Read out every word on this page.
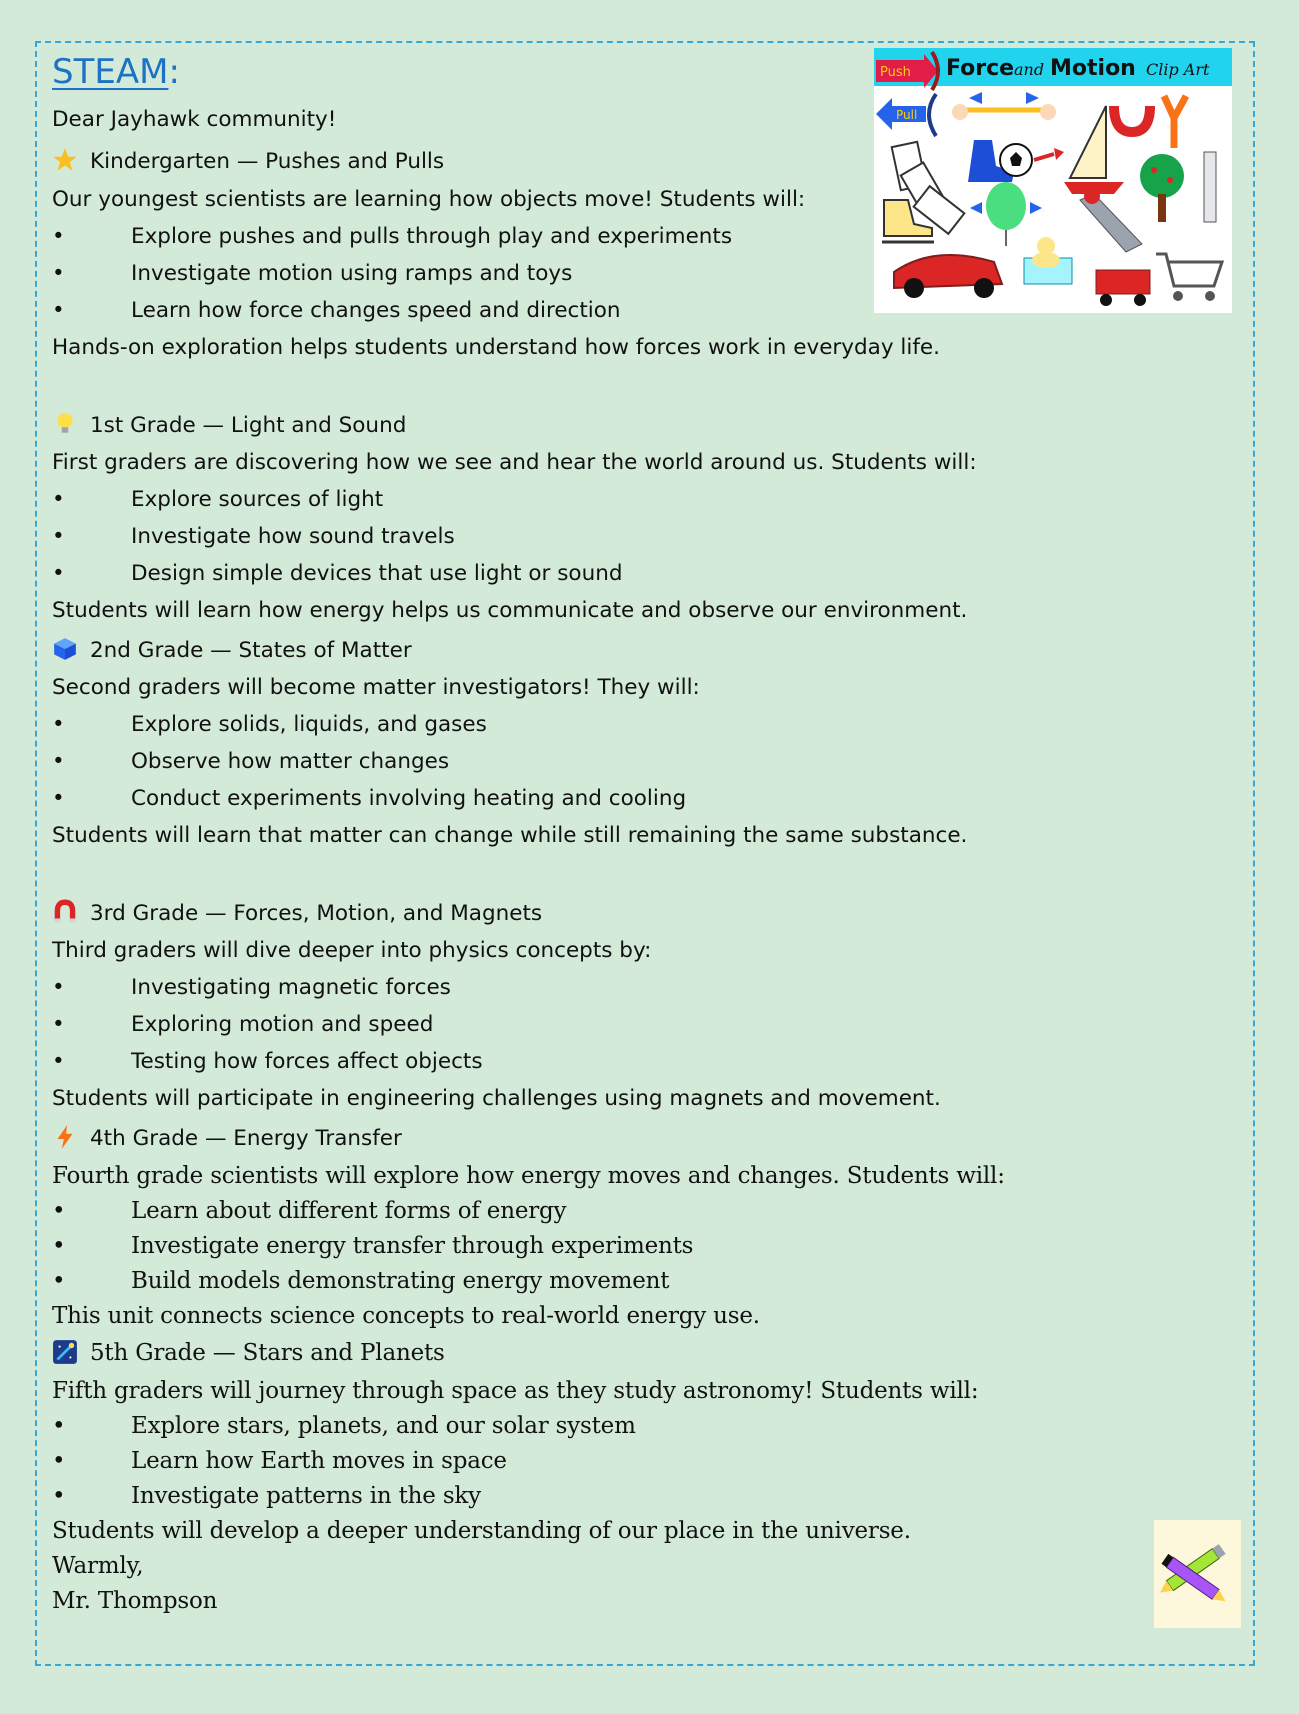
Force and Motion Clip Art
Push
Pull
STEAM:
Dear Jayhawk community!
Kindergarten — Pushes and Pulls
Our youngest scientists are learning how objects move! Students will:
•	Explore pushes and pulls through play and experiments
•	Investigate motion using ramps and toys
•	Learn how force changes speed and direction
Hands-on exploration helps students understand how forces work in everyday life.
1st Grade — Light and Sound
First graders are discovering how we see and hear the world around us. Students will:
•	Explore sources of light
•	Investigate how sound travels
•	Design simple devices that use light or sound
Students will learn how energy helps us communicate and observe our environment.
2nd Grade — States of Matter
Second graders will become matter investigators! They will:
•	Explore solids, liquids, and gases
•	Observe how matter changes
•	Conduct experiments involving heating and cooling
Students will learn that matter can change while still remaining the same substance.
3rd Grade — Forces, Motion, and Magnets
Third graders will dive deeper into physics concepts by:
•	Investigating magnetic forces
•	Exploring motion and speed
•	Testing how forces affect objects
Students will participate in engineering challenges using magnets and movement.
4th Grade — Energy Transfer
Fourth grade scientists will explore how energy moves and changes. Students will:
•	Learn about different forms of energy
•	Investigate energy transfer through experiments
•	Build models demonstrating energy movement
This unit connects science concepts to real-world energy use.
5th Grade — Stars and Planets
Fifth graders will journey through space as they study astronomy! Students will:
•	Explore stars, planets, and our solar system
•	Learn how Earth moves in space
•	Investigate patterns in the sky
Students will develop a deeper understanding of our place in the universe.
Warmly,
Mr. Thompson
